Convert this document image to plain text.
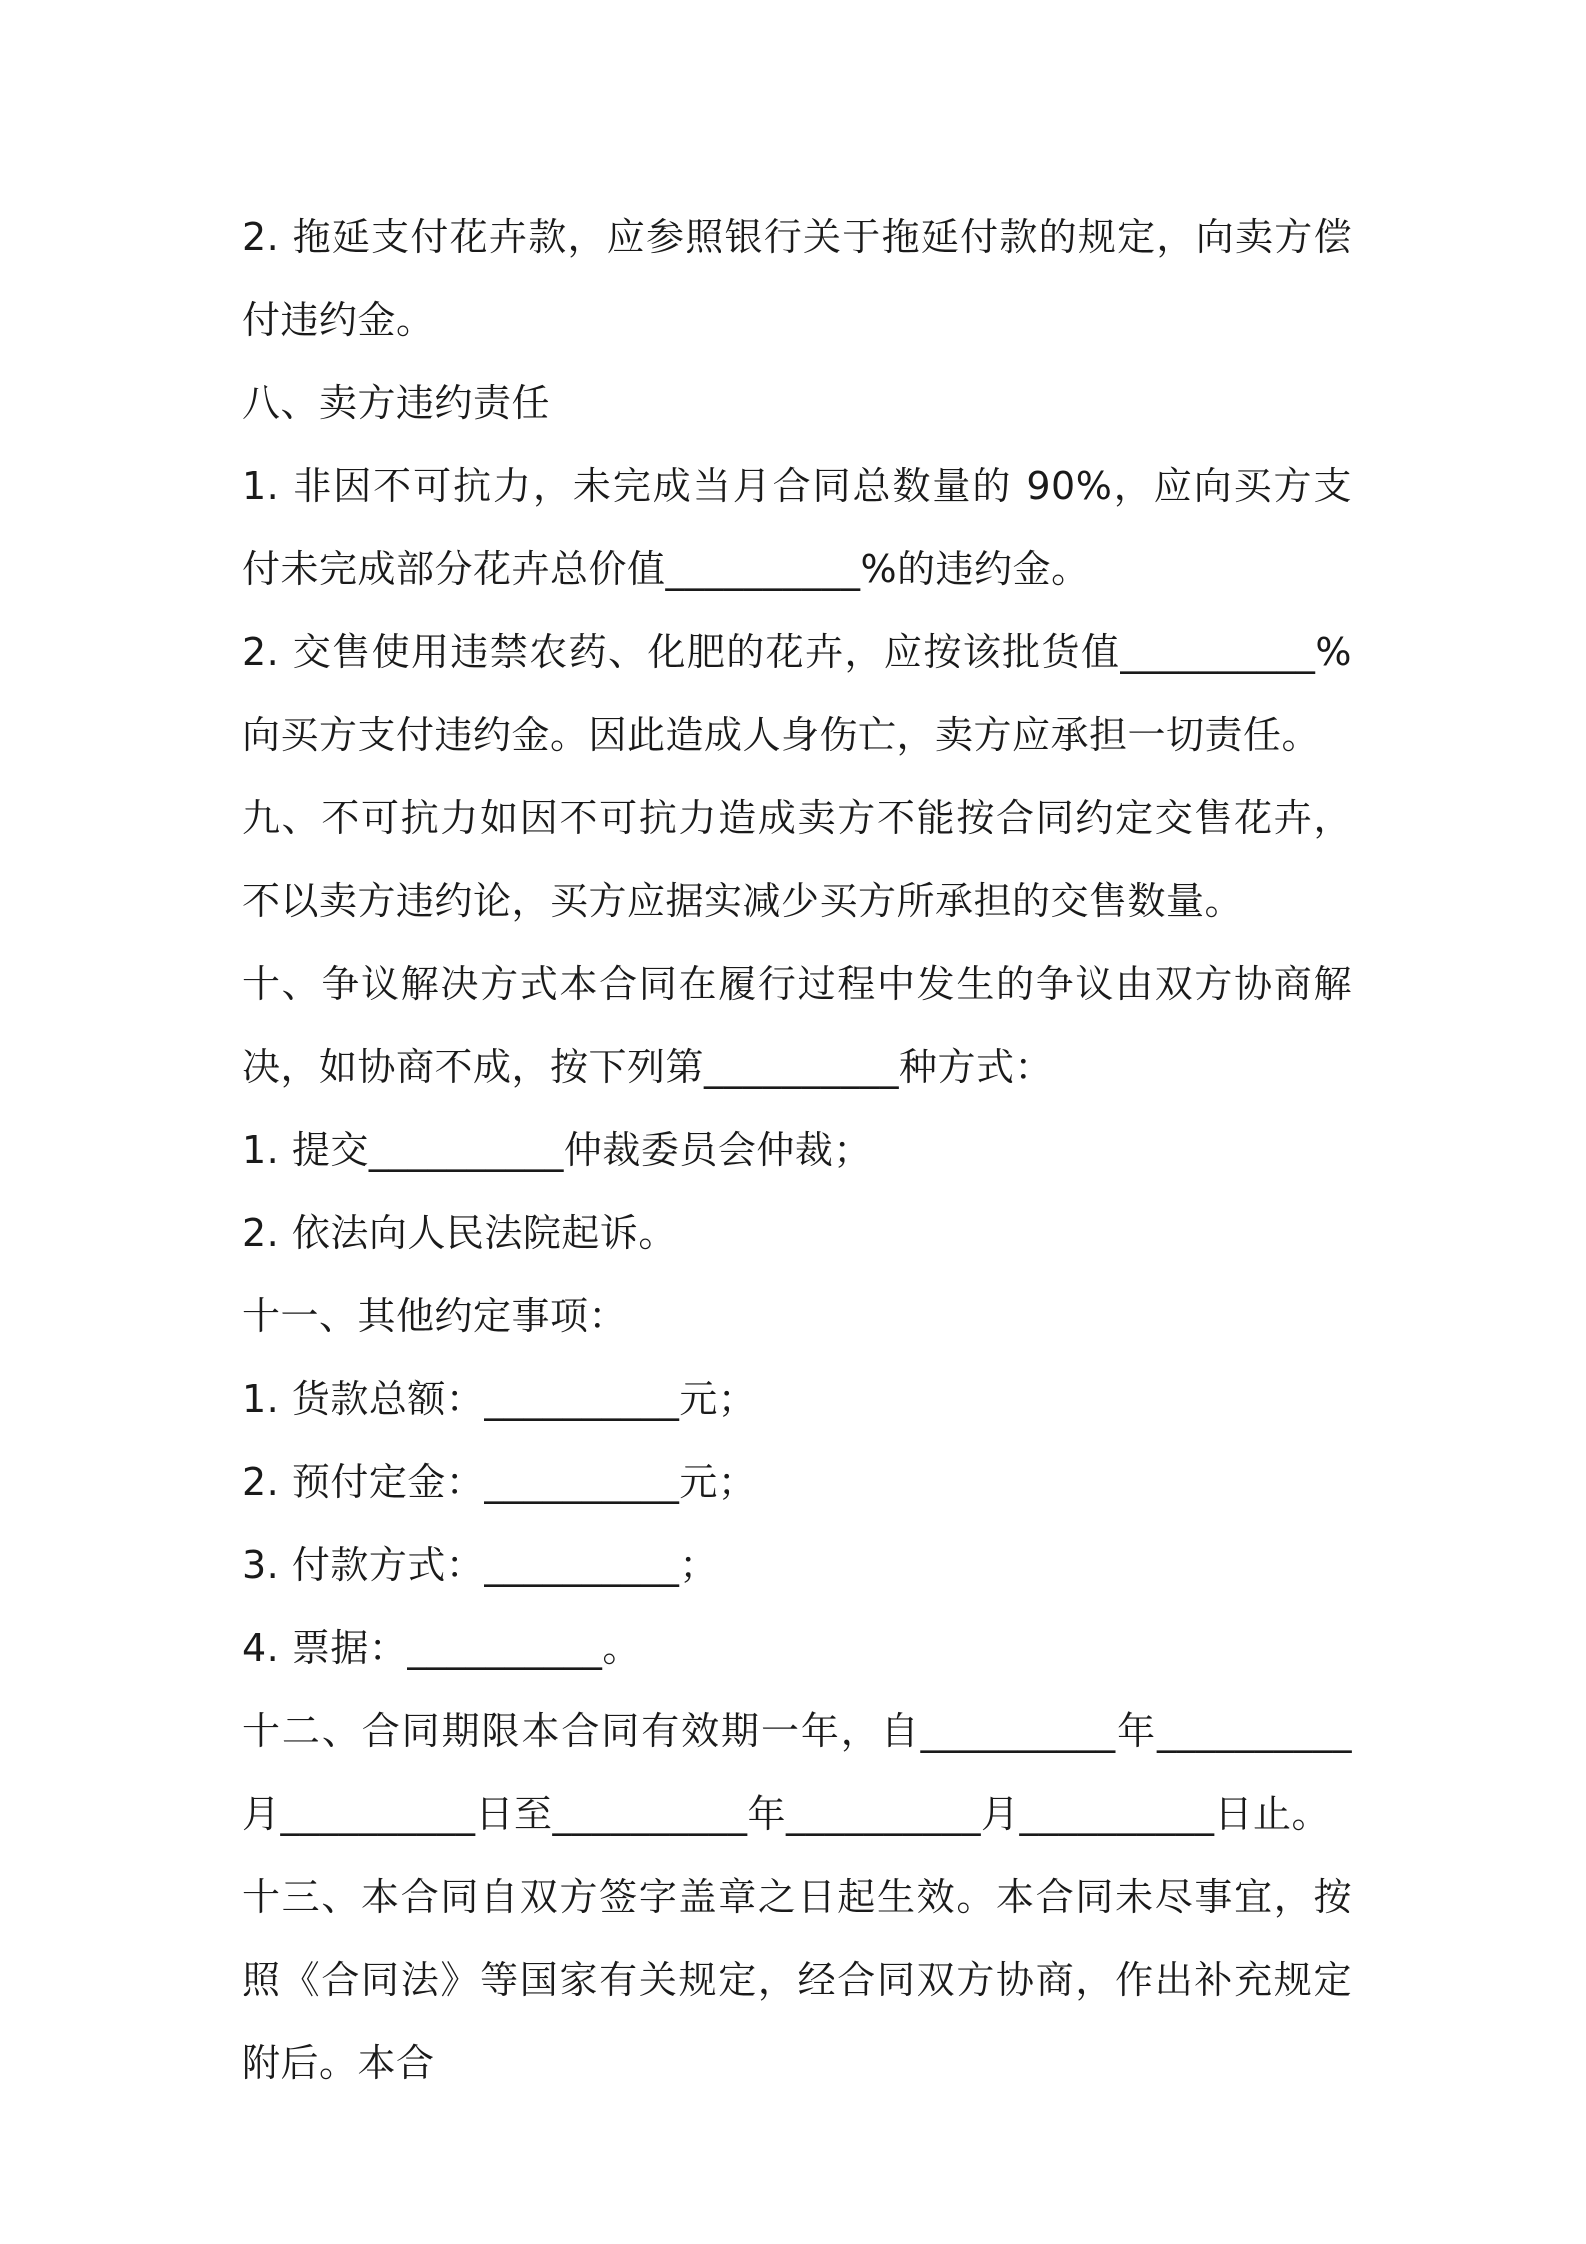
2. 拖延支付花卉款，应参照银行关于拖延付款的规定，向卖方偿付违约金。

八、卖方违约责任

1. 非因不可抗力，未完成当月合同总数量的 90%，应向买方支付未完成部分花卉总价值__________%的违约金。

2. 交售使用违禁农药、化肥的花卉，应按该批货值__________%向买方支付违约金。因此造成人身伤亡，卖方应承担一切责任。

九、不可抗力如因不可抗力造成卖方不能按合同约定交售花卉，不以卖方违约论，买方应据实减少买方所承担的交售数量。

十、争议解决方式本合同在履行过程中发生的争议由双方协商解决，如协商不成，按下列第__________种方式：

1. 提交__________仲裁委员会仲裁；

2. 依法向人民法院起诉。

十一、其他约定事项：

1. 货款总额：__________元；

2. 预付定金：__________元；

3. 付款方式：__________；

4. 票据：__________。

十二、合同期限本合同有效期一年，自__________年__________月__________日至__________年__________月__________日止。

十三、本合同自双方签字盖章之日起生效。本合同未尽事宜，按照《合同法》等国家有关规定，经合同双方协商，作出补充规定附后。本合
